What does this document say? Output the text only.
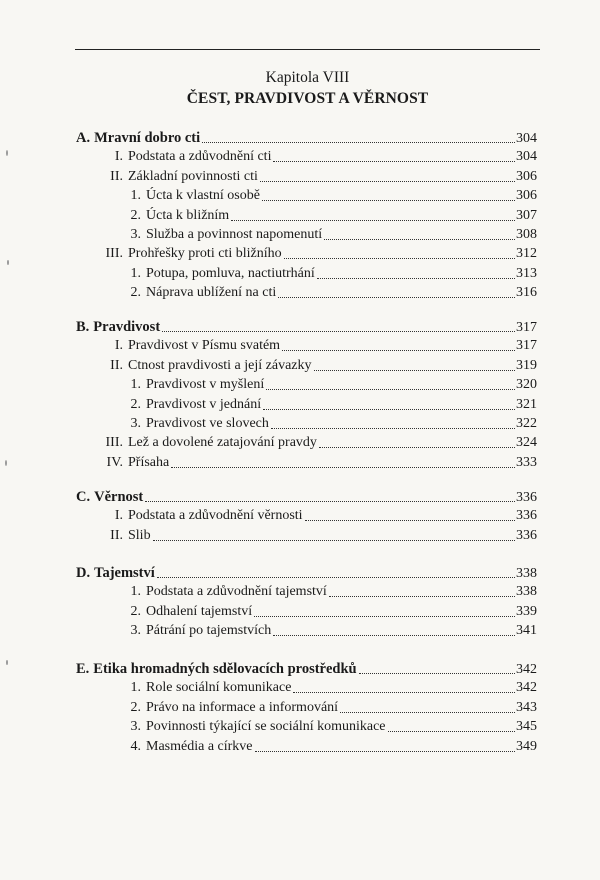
Kapitola VIII
ČEST, PRAVDIVOST A VĚRNOST
A. Mravní dobro cti	304
I. Podstata a zdůvodnění cti	304
II. Základní povinnosti cti	306
1. Úcta k vlastní osobě	306
2. Úcta k bližním	307
3. Služba a povinnost napomenutí	308
III. Prohřešky proti cti bližního	312
1. Potupa, pomluva, nactiutrhání	313
2. Náprava ublížení na cti	316
B. Pravdivost	317
I. Pravdivost v Písmu svatém	317
II. Ctnost pravdivosti a její závazky	319
1. Pravdivost v myšlení	320
2. Pravdivost v jednání	321
3. Pravdivost ve slovech	322
III. Lež a dovolené zatajování pravdy	324
IV. Přísaha	333
C. Věrnost	336
I. Podstata a zdůvodnění věrnosti	336
II. Slib	336
D. Tajemství	338
1. Podstata a zdůvodnění tajemství	338
2. Odhalení tajemství	339
3. Pátrání po tajemstvích	341
E. Etika hromadných sdělovacích prostředků	342
1. Role sociální komunikace	342
2. Právo na informace a informování	343
3. Povinnosti týkající se sociální komunikace	345
4. Masmédia a církve	349
